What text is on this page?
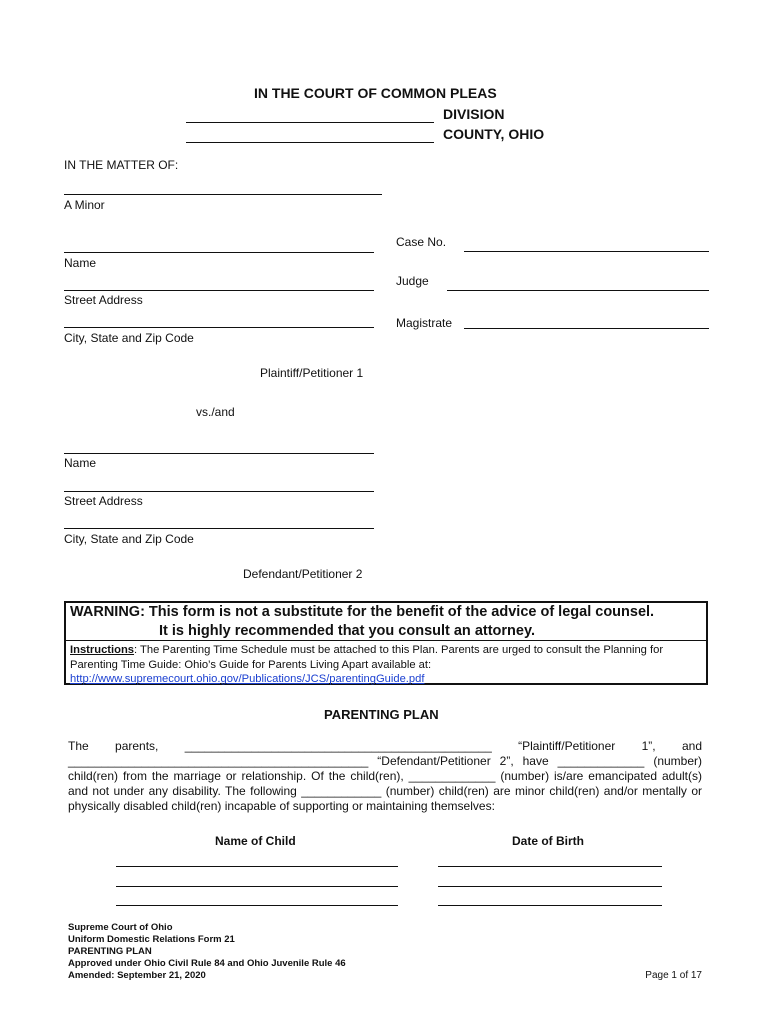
IN THE COURT OF COMMON PLEAS
DIVISION
COUNTY, OHIO
IN THE MATTER OF:
A Minor
Name
Street Address
City, State and Zip Code
Plaintiff/Petitioner 1
Case No.
Judge
Magistrate
vs./and
Name
Street Address
City, State and Zip Code
Defendant/Petitioner 2
WARNING: This form is not a substitute for the benefit of the advice of legal counsel.
It is highly recommended that you consult an attorney.
Instructions: The Parenting Time Schedule must be attached to this Plan. Parents are urged to consult the Planning for Parenting Time Guide: Ohio’s Guide for Parents Living Apart available at:
http://www.supremecourt.ohio.gov/Publications/JCS/parentingGuide.pdf
PARENTING PLAN
The parents, ______________________________________________ “Plaintiff/Petitioner 1”, and _____________________________________________ “Defendant/Petitioner 2”, have _____________ (number) child(ren) from the marriage or relationship. Of the child(ren), _____________ (number) is/are emancipated adult(s) and not under any disability. The following ____________ (number) child(ren) are minor child(ren) and/or mentally or physically disabled child(ren) incapable of supporting or maintaining themselves:
Name of Child	Date of Birth
Supreme Court of Ohio
Uniform Domestic Relations Form 21
PARENTING PLAN
Approved under Ohio Civil Rule 84 and Ohio Juvenile Rule 46
Amended: September 21, 2020	Page 1 of 17
